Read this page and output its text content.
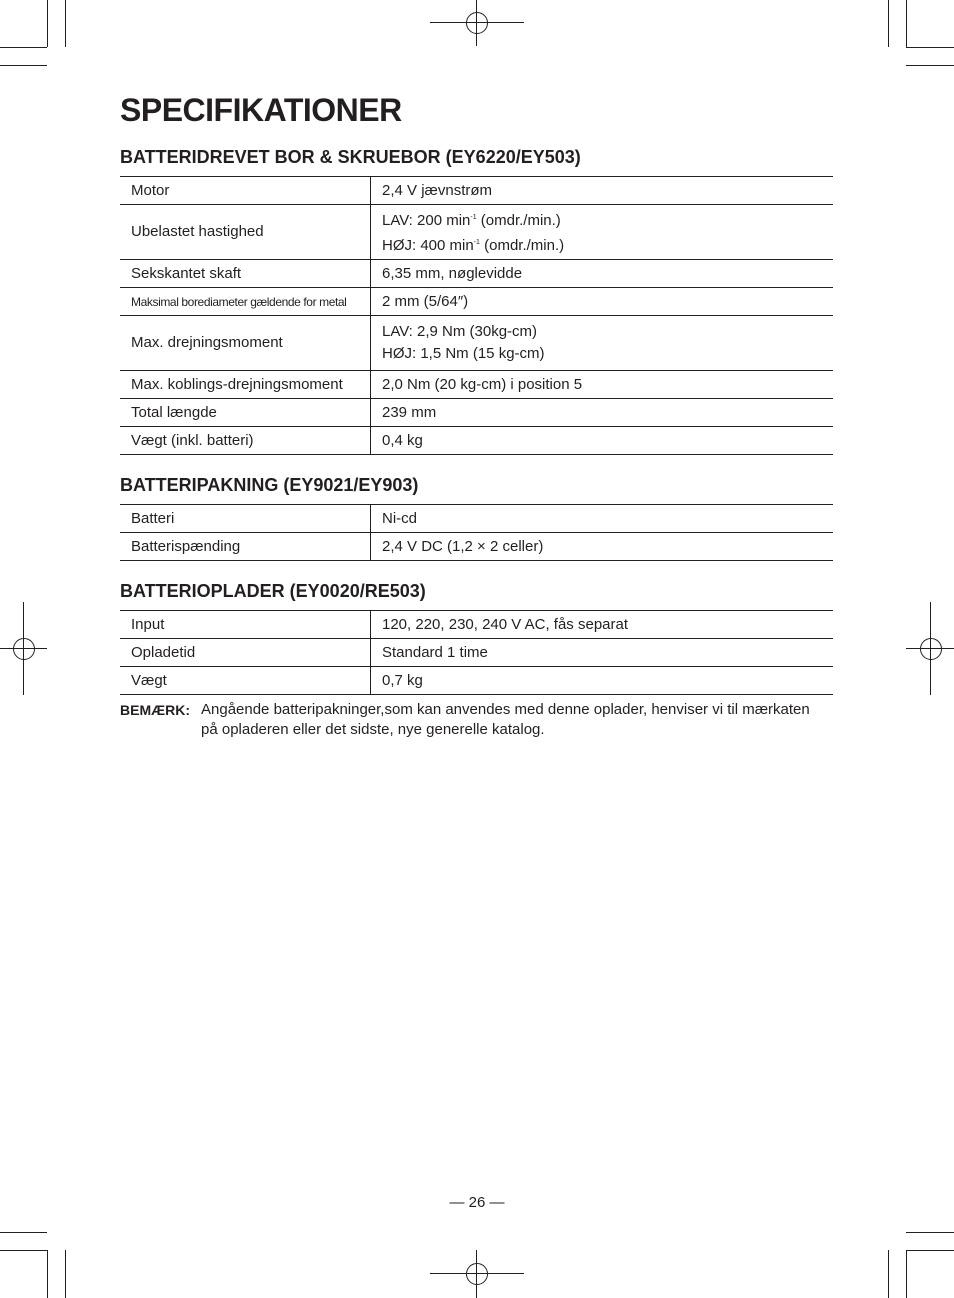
SPECIFIKATIONER
BATTERIDREVET BOR & SKRUEBOR (EY6220/EY503)
Motor	2,4 V jævnstrøm
Ubelastet hastighed	LAV: 200 $\min^{-1}$ (omdr./min.)
HØJ: 400 $\min^{-1}$ (omdr./min.)

Sekskantet skaft	6,35 mm, nøglevidde
Maksimal borediameter gældende for metal	2 mm (5/64″)
Max. drejningsmoment	LAV: 2,9 Nm (30kg-cm)
HØJ: 1,5 Nm (15 kg-cm)

Max. koblings-drejningsmoment	2,0 Nm (20 kg-cm) i position 5
Total længde	239 mm
Vægt (inkl. batteri)	0,4 kg
BATTERIPAKNING (EY9021/EY903)
Batteri	Ni-cd
Batterispænding	2,4 V DC (1,2 × 2 celler)
BATTERIOPLADER (EY0020/RE503)
Input	120, 220, 230, 240 V AC, fås separat
Opladetid	Standard 1 time
Vægt	0,7 kg
BEMÆRK: Angående batteripakninger,som kan anvendes med denne oplader, henviser vi til mærkaten
på opladeren eller det sidste, nye generelle katalog.
— 26 —
